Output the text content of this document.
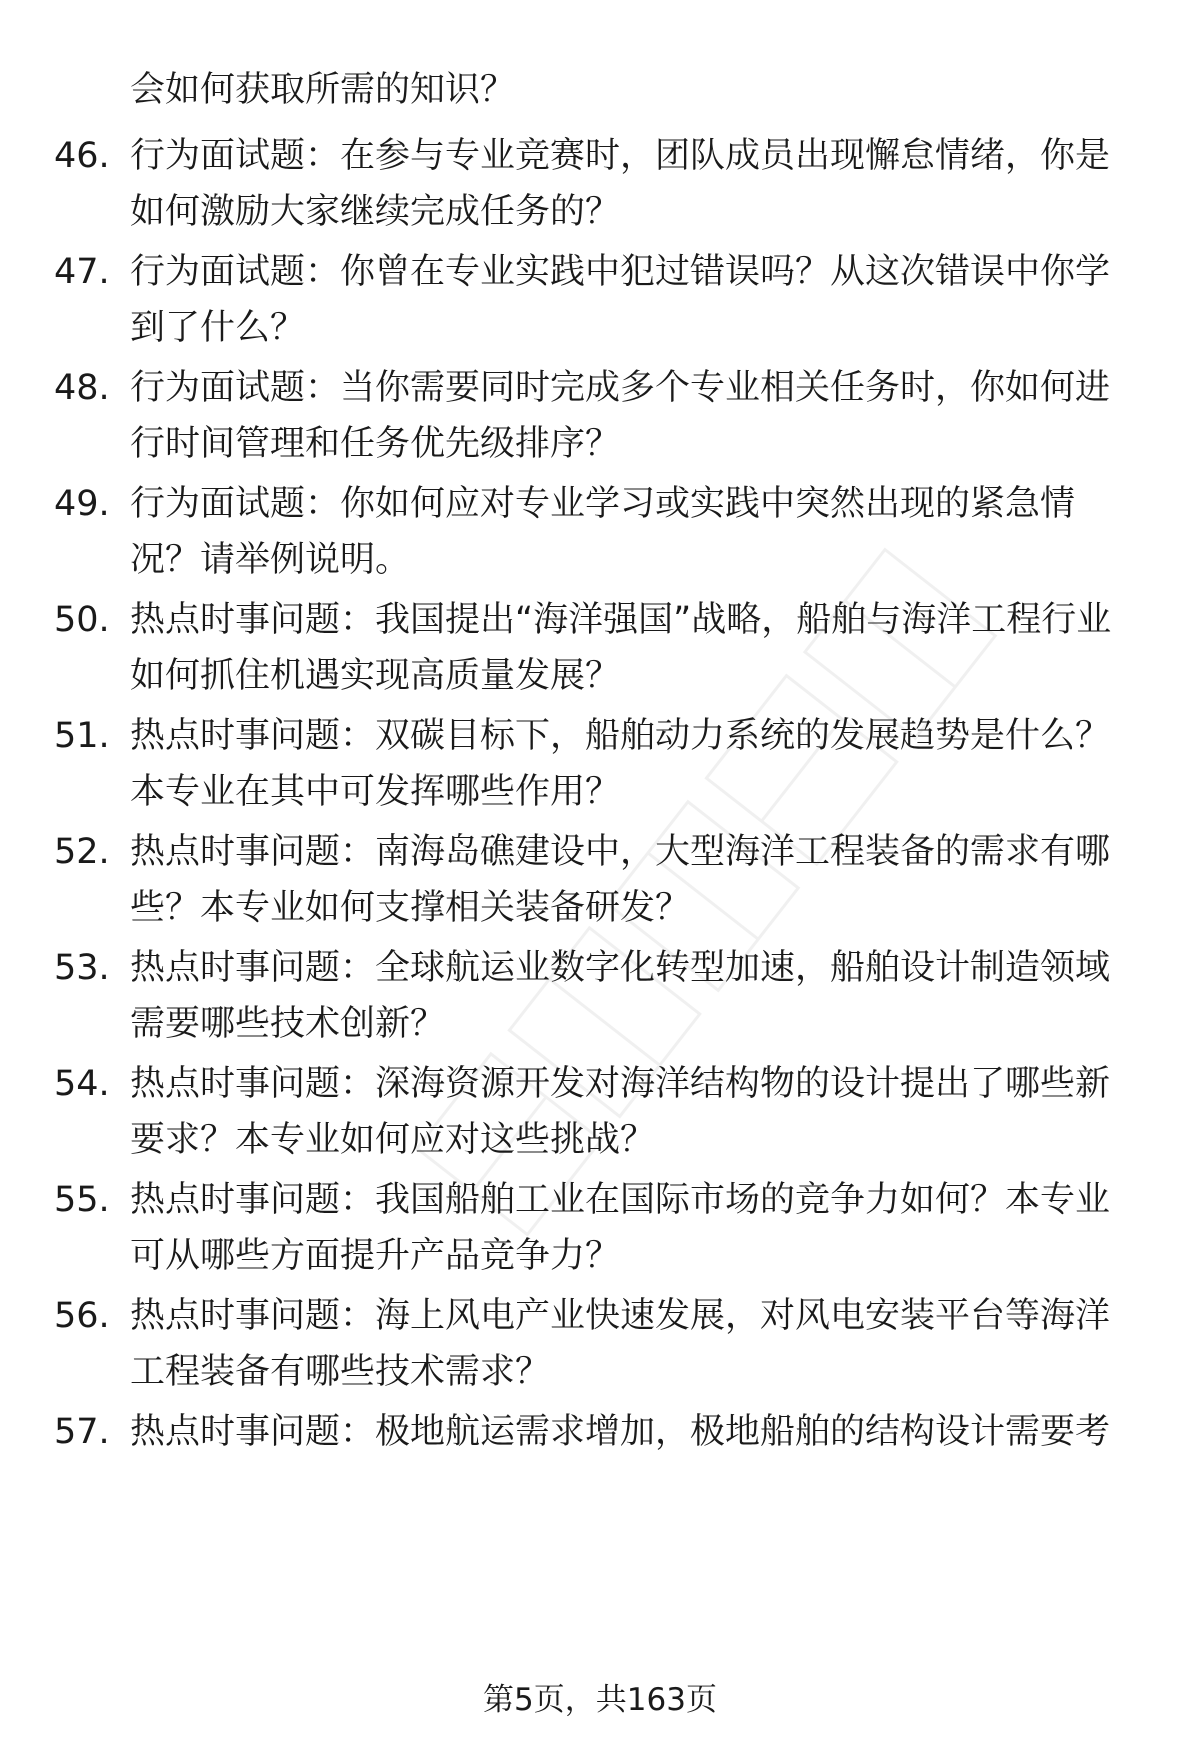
会如何获取所需的知识？

46. 行为面试题：在参与专业竞赛时，团队成员出现懈怠情绪，你是如何激励大家继续完成任务的？

47. 行为面试题：你曾在专业实践中犯过错误吗？从这次错误中你学到了什么？

48. 行为面试题：当你需要同时完成多个专业相关任务时，你如何进行时间管理和任务优先级排序？

49. 行为面试题：你如何应对专业学习或实践中突然出现的紧急情况？请举例说明。

50. 热点时事问题：我国提出“海洋强国”战略，船舶与海洋工程行业如何抓住机遇实现高质量发展？

51. 热点时事问题：双碳目标下，船舶动力系统的发展趋势是什么？本专业在其中可发挥哪些作用？

52. 热点时事问题：南海岛礁建设中，大型海洋工程装备的需求有哪些？本专业如何支撑相关装备研发？

53. 热点时事问题：全球航运业数字化转型加速，船舶设计制造领域需要哪些技术创新？

54. 热点时事问题：深海资源开发对海洋结构物的设计提出了哪些新要求？本专业如何应对这些挑战？

55. 热点时事问题：我国船舶工业在国际市场的竞争力如何？本专业可从哪些方面提升产品竞争力？

56. 热点时事问题：海上风电产业快速发展，对风电安装平台等海洋工程装备有哪些技术需求？

57. 热点时事问题：极地航运需求增加，极地船舶的结构设计需要考

第5页，共163页
